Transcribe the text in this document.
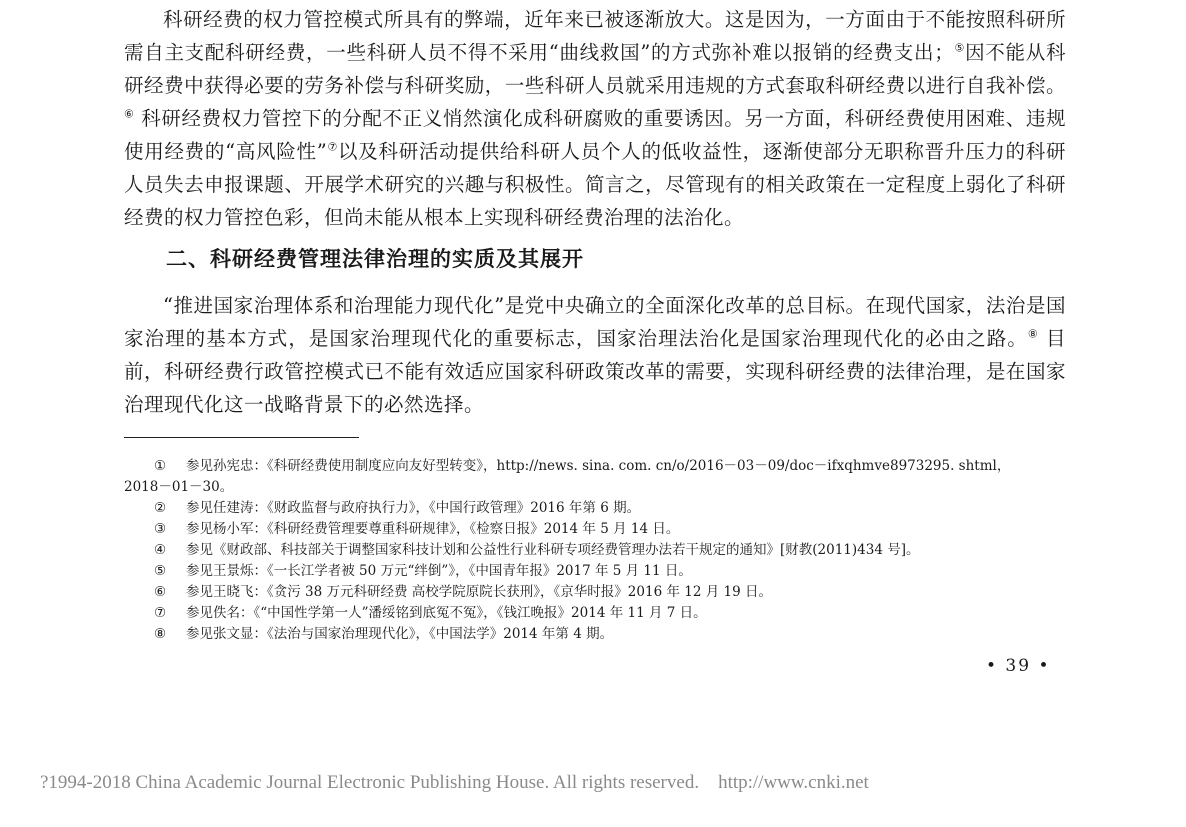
科研经费的权力管控模式所具有的弊端，近年来已被逐渐放大。这是因为，一方面由于不能按照科研所需自主支配科研经费，一些科研人员不得不采用“曲线救国”的方式弥补难以报销的经费支出；⑤因不能从科研经费中获得必要的劳务补偿与科研奖励，一些科研人员就采用违规的方式套取科研经费以进行自我补偿。⑥ 科研经费权力管控下的分配不正义悄然演化成科研腐败的重要诱因。另一方面，科研经费使用困难、违规使用经费的“高风险性”⑦以及科研活动提供给科研人员个人的低收益性，逐渐使部分无职称晋升压力的科研人员失去申报课题、开展学术研究的兴趣与积极性。简言之，尽管现有的相关政策在一定程度上弱化了科研经费的权力管控色彩，但尚未能从根本上实现科研经费治理的法治化。

二、科研经费管理法律治理的实质及其展开

“推进国家治理体系和治理能力现代化”是党中央确立的全面深化改革的总目标。在现代国家，法治是国家治理的基本方式，是国家治理现代化的重要标志，国家治理法治化是国家治理现代化的必由之路。⑧ 目前，科研经费行政管控模式已不能有效适应国家科研政策改革的需要，实现科研经费的法律治理，是在国家治理现代化这一战略背景下的必然选择。

①	参见孙宪忠：《科研经费使用制度应向友好型转变》，http://news. sina. com. cn/o/2016－03－09/doc－ifxqhmve8973295. shtml，
2018－01－30。
②	参见任建涛：《财政监督与政府执行力》，《中国行政管理》2016 年第 6 期。
③	参见杨小军：《科研经费管理要尊重科研规律》，《检察日报》2014 年 5 月 14 日。
④	参见《财政部、科技部关于调整国家科技计划和公益性行业科研专项经费管理办法若干规定的通知》[财教(2011)434 号]。
⑤	参见王景烁：《一长江学者被 50 万元“绊倒”》，《中国青年报》2017 年 5 月 11 日。
⑥	参见王晓飞：《贪污 38 万元科研经费 高校学院原院长获刑》，《京华时报》2016 年 12 月 19 日。
⑦	参见佚名：《“中国性学第一人”潘绥铭到底冤不冤》，《钱江晚报》2014 年 11 月 7 日。
⑧	参见张文显：《法治与国家治理现代化》，《中国法学》2014 年第 4 期。
• 39 •
?1994-2018 China Academic Journal Electronic Publishing House. All rights reserved.    http://www.cnki.net
